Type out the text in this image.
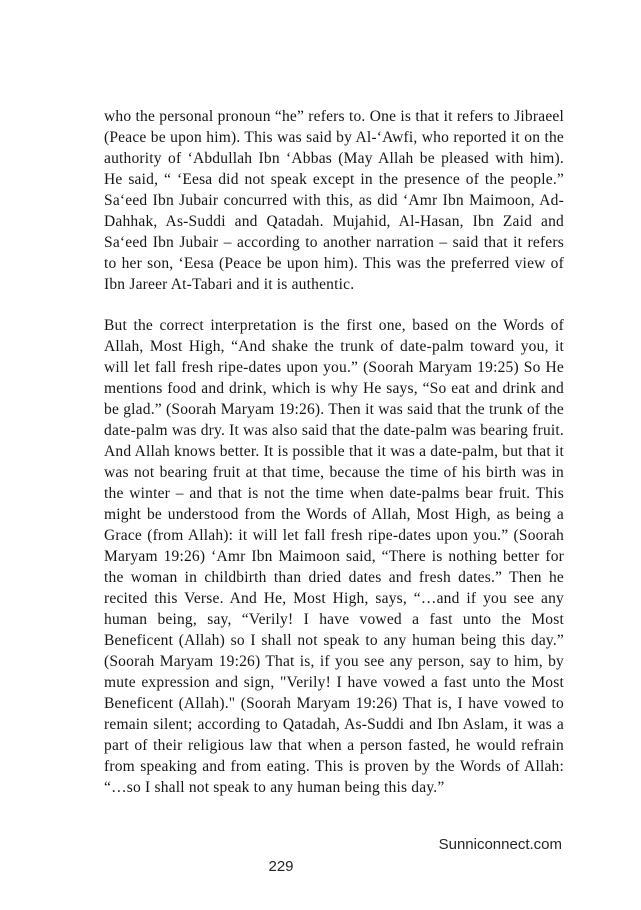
who the personal pronoun “he” refers to. One is that it refers to Jibraeel (Peace be upon him). This was said by Al-‘Awfi, who reported it on the authority of ‘Abdullah Ibn ‘Abbas (May Allah be pleased with him). He said, “ ‘Eesa did not speak except in the presence of the people.” Sa‘eed Ibn Jubair concurred with this, as did ‘Amr Ibn Maimoon, Ad-Dahhak, As-Suddi and Qatadah. Mujahid, Al-Hasan, Ibn Zaid and Sa‘eed Ibn Jubair – according to another narration – said that it refers to her son, ‘Eesa (Peace be upon him). This was the preferred view of Ibn Jareer At-Tabari and it is authentic.

But the correct interpretation is the first one, based on the Words of Allah, Most High, “And shake the trunk of date-palm toward you, it will let fall fresh ripe-dates upon you.” (Soorah Maryam 19:25) So He mentions food and drink, which is why He says, “So eat and drink and be glad.” (Soorah Maryam 19:26). Then it was said that the trunk of the date-palm was dry. It was also said that the date-palm was bearing fruit. And Allah knows better. It is possible that it was a date-palm, but that it was not bearing fruit at that time, because the time of his birth was in the winter – and that is not the time when date-palms bear fruit. This might be understood from the Words of Allah, Most High, as being a Grace (from Allah): it will let fall fresh ripe-dates upon you.” (Soorah Maryam 19:26) ‘Amr Ibn Maimoon said, “There is nothing better for the woman in childbirth than dried dates and fresh dates.” Then he recited this Verse. And He, Most High, says, “…and if you see any human being, say, “Verily! I have vowed a fast unto the Most Beneficent (Allah) so I shall not speak to any human being this day.” (Soorah Maryam 19:26) That is, if you see any person, say to him, by mute expression and sign, "Verily! I have vowed a fast unto the Most Beneficent (Allah)." (Soorah Maryam 19:26) That is, I have vowed to remain silent; according to Qatadah, As-Suddi and Ibn Aslam, it was a part of their religious law that when a person fasted, he would refrain from speaking and from eating. This is proven by the Words of Allah: “…so I shall not speak to any human being this day.”

Sunniconnect.com
229
